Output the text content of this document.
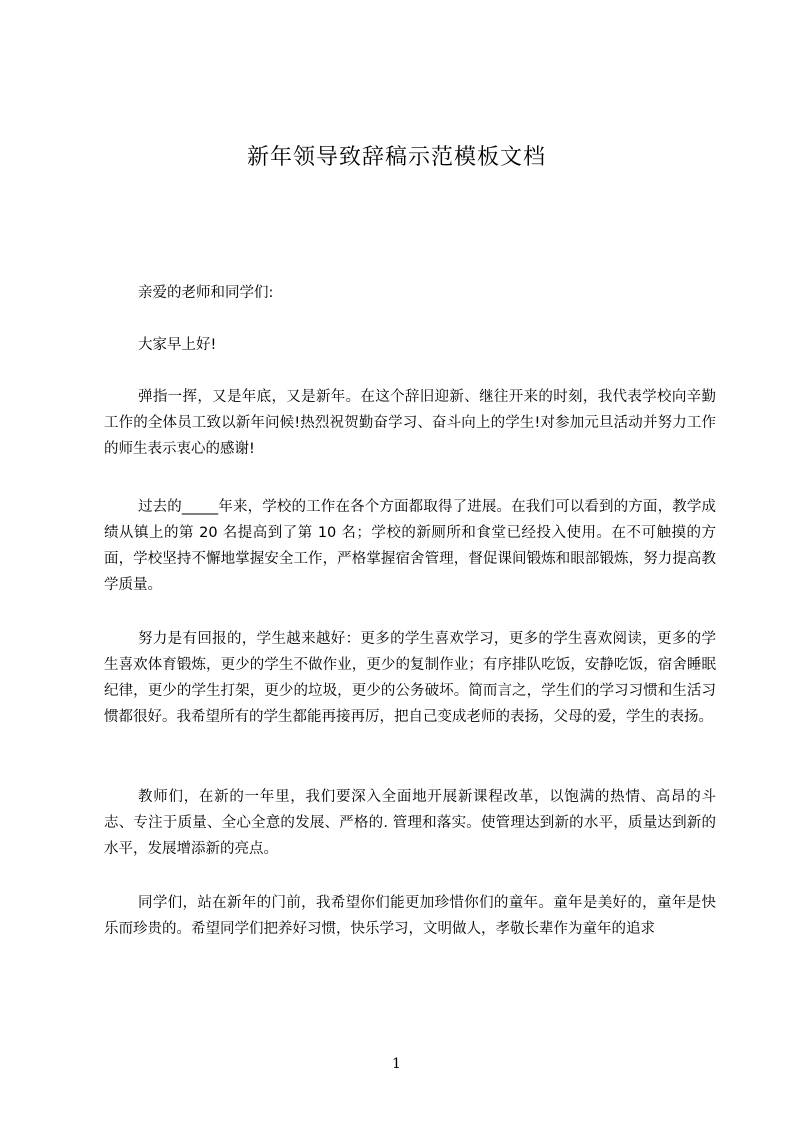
新年领导致辞稿示范模板文档

亲爱的老师和同学们:

大家早上好!

弹指一挥，又是年底，又是新年。在这个辞旧迎新、继往开来的时刻，我代表学校向辛勤工作的全体员工致以新年问候!热烈祝贺勤奋学习、奋斗向上的学生!对参加元旦活动并努力工作的师生表示衷心的感谢!

过去的_____年来，学校的工作在各个方面都取得了进展。在我们可以看到的方面，教学成绩从镇上的第 20 名提高到了第 10 名；学校的新厕所和食堂已经投入使用。在不可触摸的方面，学校坚持不懈地掌握安全工作，严格掌握宿舍管理，督促课间锻炼和眼部锻炼，努力提高教学质量。

努力是有回报的，学生越来越好：更多的学生喜欢学习，更多的学生喜欢阅读，更多的学生喜欢体育锻炼，更少的学生不做作业，更少的复制作业；有序排队吃饭，安静吃饭，宿舍睡眠纪律，更少的学生打架，更少的垃圾，更少的公务破坏。简而言之，学生们的学习习惯和生活习惯都很好。我希望所有的学生都能再接再厉，把自己变成老师的表扬，父母的爱，学生的表扬。

教师们，在新的一年里，我们要深入全面地开展新课程改革，以饱满的热情、高昂的斗志、专注于质量、全心全意的发展、严格的. 管理和落实。使管理达到新的水平，质量达到新的水平，发展增添新的亮点。

同学们，站在新年的门前，我希望你们能更加珍惜你们的童年。童年是美好的，童年是快乐而珍贵的。希望同学们把养好习惯，快乐学习，文明做人，孝敬长辈作为童年的追求

1
